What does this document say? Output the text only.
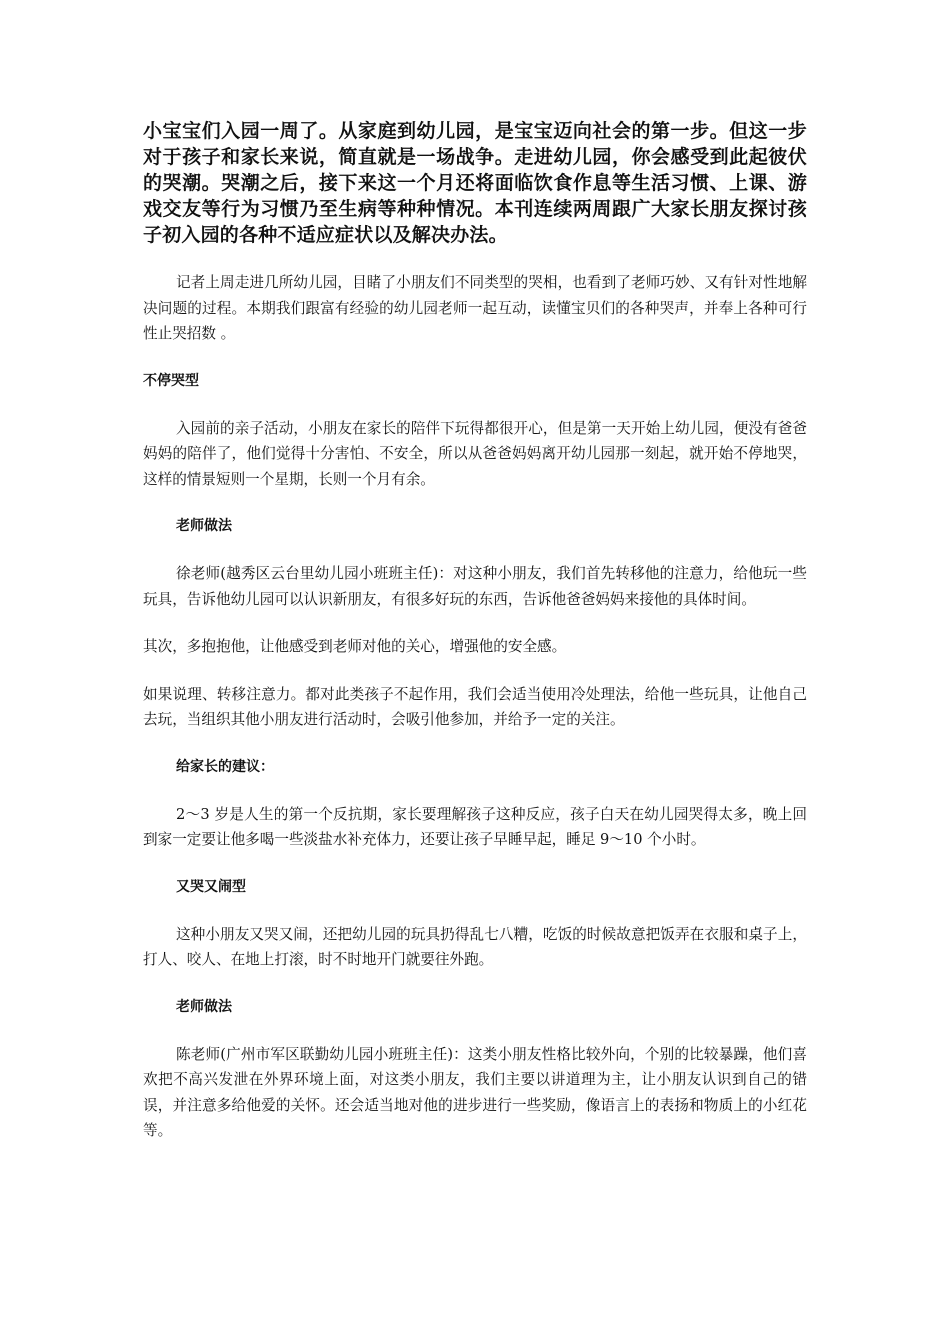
小宝宝们入园一周了。从家庭到幼儿园，是宝宝迈向社会的第一步。但这一步对于孩子和家长来说，简直就是一场战争。走进幼儿园，你会感受到此起彼伏的哭潮。哭潮之后，接下来这一个月还将面临饮食作息等生活习惯、上课、游戏交友等行为习惯乃至生病等种种情况。本刊连续两周跟广大家长朋友探讨孩子初入园的各种不适应症状以及解决办法。

记者上周走进几所幼儿园，目睹了小朋友们不同类型的哭相，也看到了老师巧妙、又有针对性地解决问题的过程。本期我们跟富有经验的幼儿园老师一起互动，读懂宝贝们的各种哭声，并奉上各种可行性止哭招数 。

不停哭型

入园前的亲子活动，小朋友在家长的陪伴下玩得都很开心，但是第一天开始上幼儿园，便没有爸爸妈妈的陪伴了，他们觉得十分害怕、不安全，所以从爸爸妈妈离开幼儿园那一刻起，就开始不停地哭，这样的情景短则一个星期，长则一个月有余。

老师做法

徐老师(越秀区云台里幼儿园小班班主任)：对这种小朋友，我们首先转移他的注意力，给他玩一些玩具，告诉他幼儿园可以认识新朋友，有很多好玩的东西，告诉他爸爸妈妈来接他的具体时间。

其次，多抱抱他，让他感受到老师对他的关心，增强他的安全感。

如果说理、转移注意力。都对此类孩子不起作用，我们会适当使用冷处理法，给他一些玩具，让他自己去玩，当组织其他小朋友进行活动时，会吸引他参加，并给予一定的关注。

给家长的建议：

2～3 岁是人生的第一个反抗期，家长要理解孩子这种反应，孩子白天在幼儿园哭得太多，晚上回到家一定要让他多喝一些淡盐水补充体力，还要让孩子早睡早起，睡足 9～10 个小时。

又哭又闹型

这种小朋友又哭又闹，还把幼儿园的玩具扔得乱七八糟，吃饭的时候故意把饭弄在衣服和桌子上，打人、咬人、在地上打滚，时不时地开门就要往外跑。

老师做法

陈老师(广州市军区联勤幼儿园小班班主任)：这类小朋友性格比较外向，个别的比较暴躁，他们喜欢把不高兴发泄在外界环境上面，对这类小朋友，我们主要以讲道理为主，让小朋友认识到自己的错误，并注意多给他爱的关怀。还会适当地对他的进步进行一些奖励，像语言上的表扬和物质上的小红花等。
